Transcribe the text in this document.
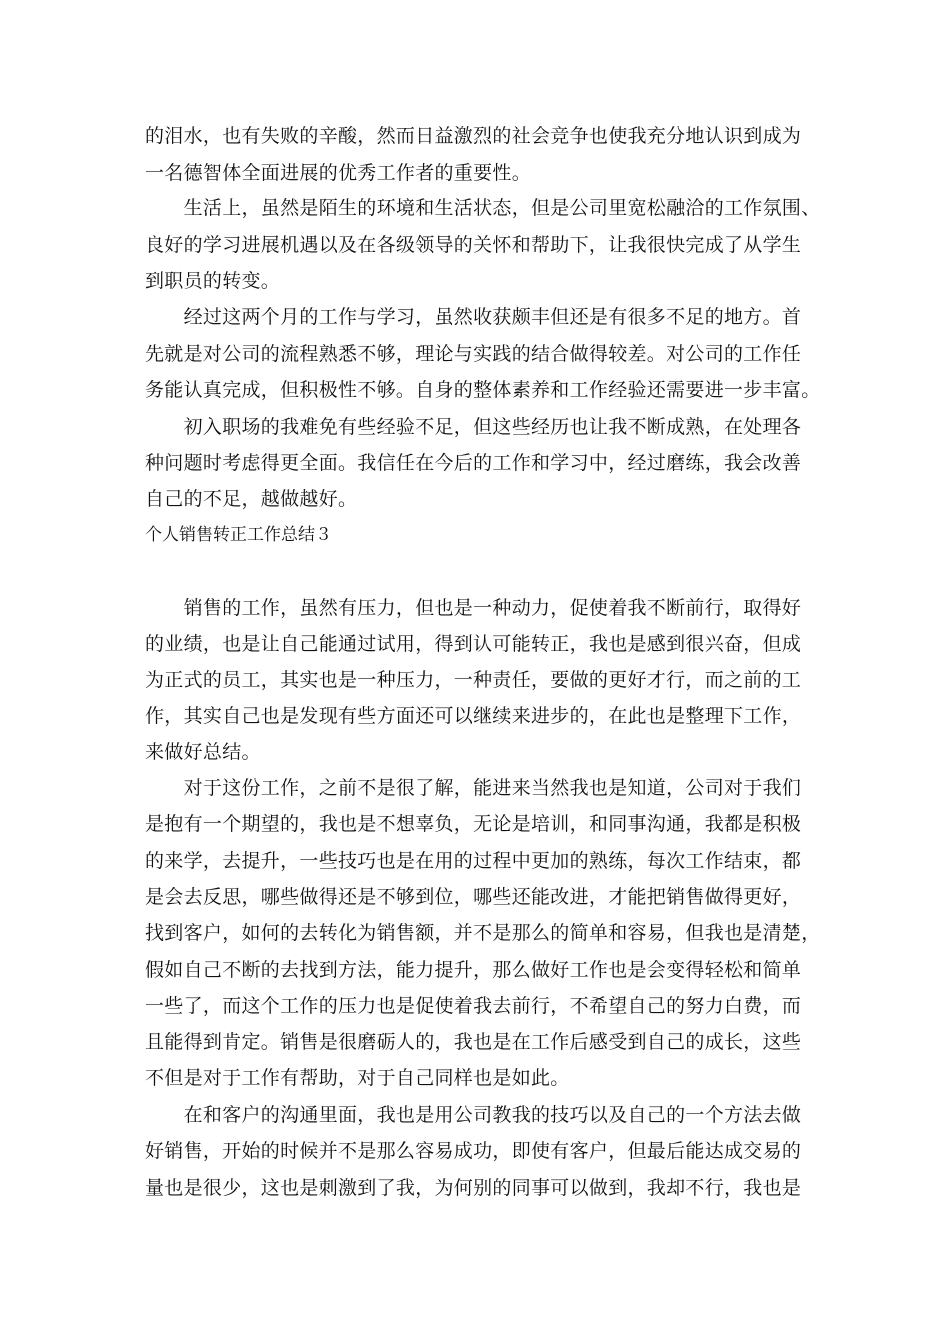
的泪水，也有失败的辛酸，然而日益激烈的社会竞争也使我充分地认识到成为
一名德智体全面进展的优秀工作者的重要性。
　　生活上，虽然是陌生的环境和生活状态，但是公司里宽松融洽的工作氛围、
良好的学习进展机遇以及在各级领导的关怀和帮助下，让我很快完成了从学生
到职员的转变。
　　经过这两个月的工作与学习，虽然收获颇丰但还是有很多不足的地方。首
先就是对公司的流程熟悉不够，理论与实践的结合做得较差。对公司的工作任
务能认真完成，但积极性不够。自身的整体素养和工作经验还需要进一步丰富。
　　初入职场的我难免有些经验不足，但这些经历也让我不断成熟，在处理各
种问题时考虑得更全面。我信任在今后的工作和学习中，经过磨练，我会改善
自己的不足，越做越好。
个人销售转正工作总结３
　　销售的工作，虽然有压力，但也是一种动力，促使着我不断前行，取得好
的业绩，也是让自己能通过试用，得到认可能转正，我也是感到很兴奋，但成
为正式的员工，其实也是一种压力，一种责任，要做的更好才行，而之前的工
作，其实自己也是发现有些方面还可以继续来进步的，在此也是整理下工作，
来做好总结。
　　对于这份工作，之前不是很了解，能进来当然我也是知道，公司对于我们
是抱有一个期望的，我也是不想辜负，无论是培训，和同事沟通，我都是积极
的来学，去提升，一些技巧也是在用的过程中更加的熟练，每次工作结束，都
是会去反思，哪些做得还是不够到位，哪些还能改进，才能把销售做得更好，
找到客户，如何的去转化为销售额，并不是那么的简单和容易，但我也是清楚，
假如自己不断的去找到方法，能力提升，那么做好工作也是会变得轻松和简单
一些了，而这个工作的压力也是促使着我去前行，不希望自己的努力白费，而
且能得到肯定。销售是很磨砺人的，我也是在工作后感受到自己的成长，这些
不但是对于工作有帮助，对于自己同样也是如此。
　　在和客户的沟通里面，我也是用公司教我的技巧以及自己的一个方法去做
好销售，开始的时候并不是那么容易成功，即使有客户，但最后能达成交易的
量也是很少，这也是刺激到了我，为何别的同事可以做到，我却不行，我也是
